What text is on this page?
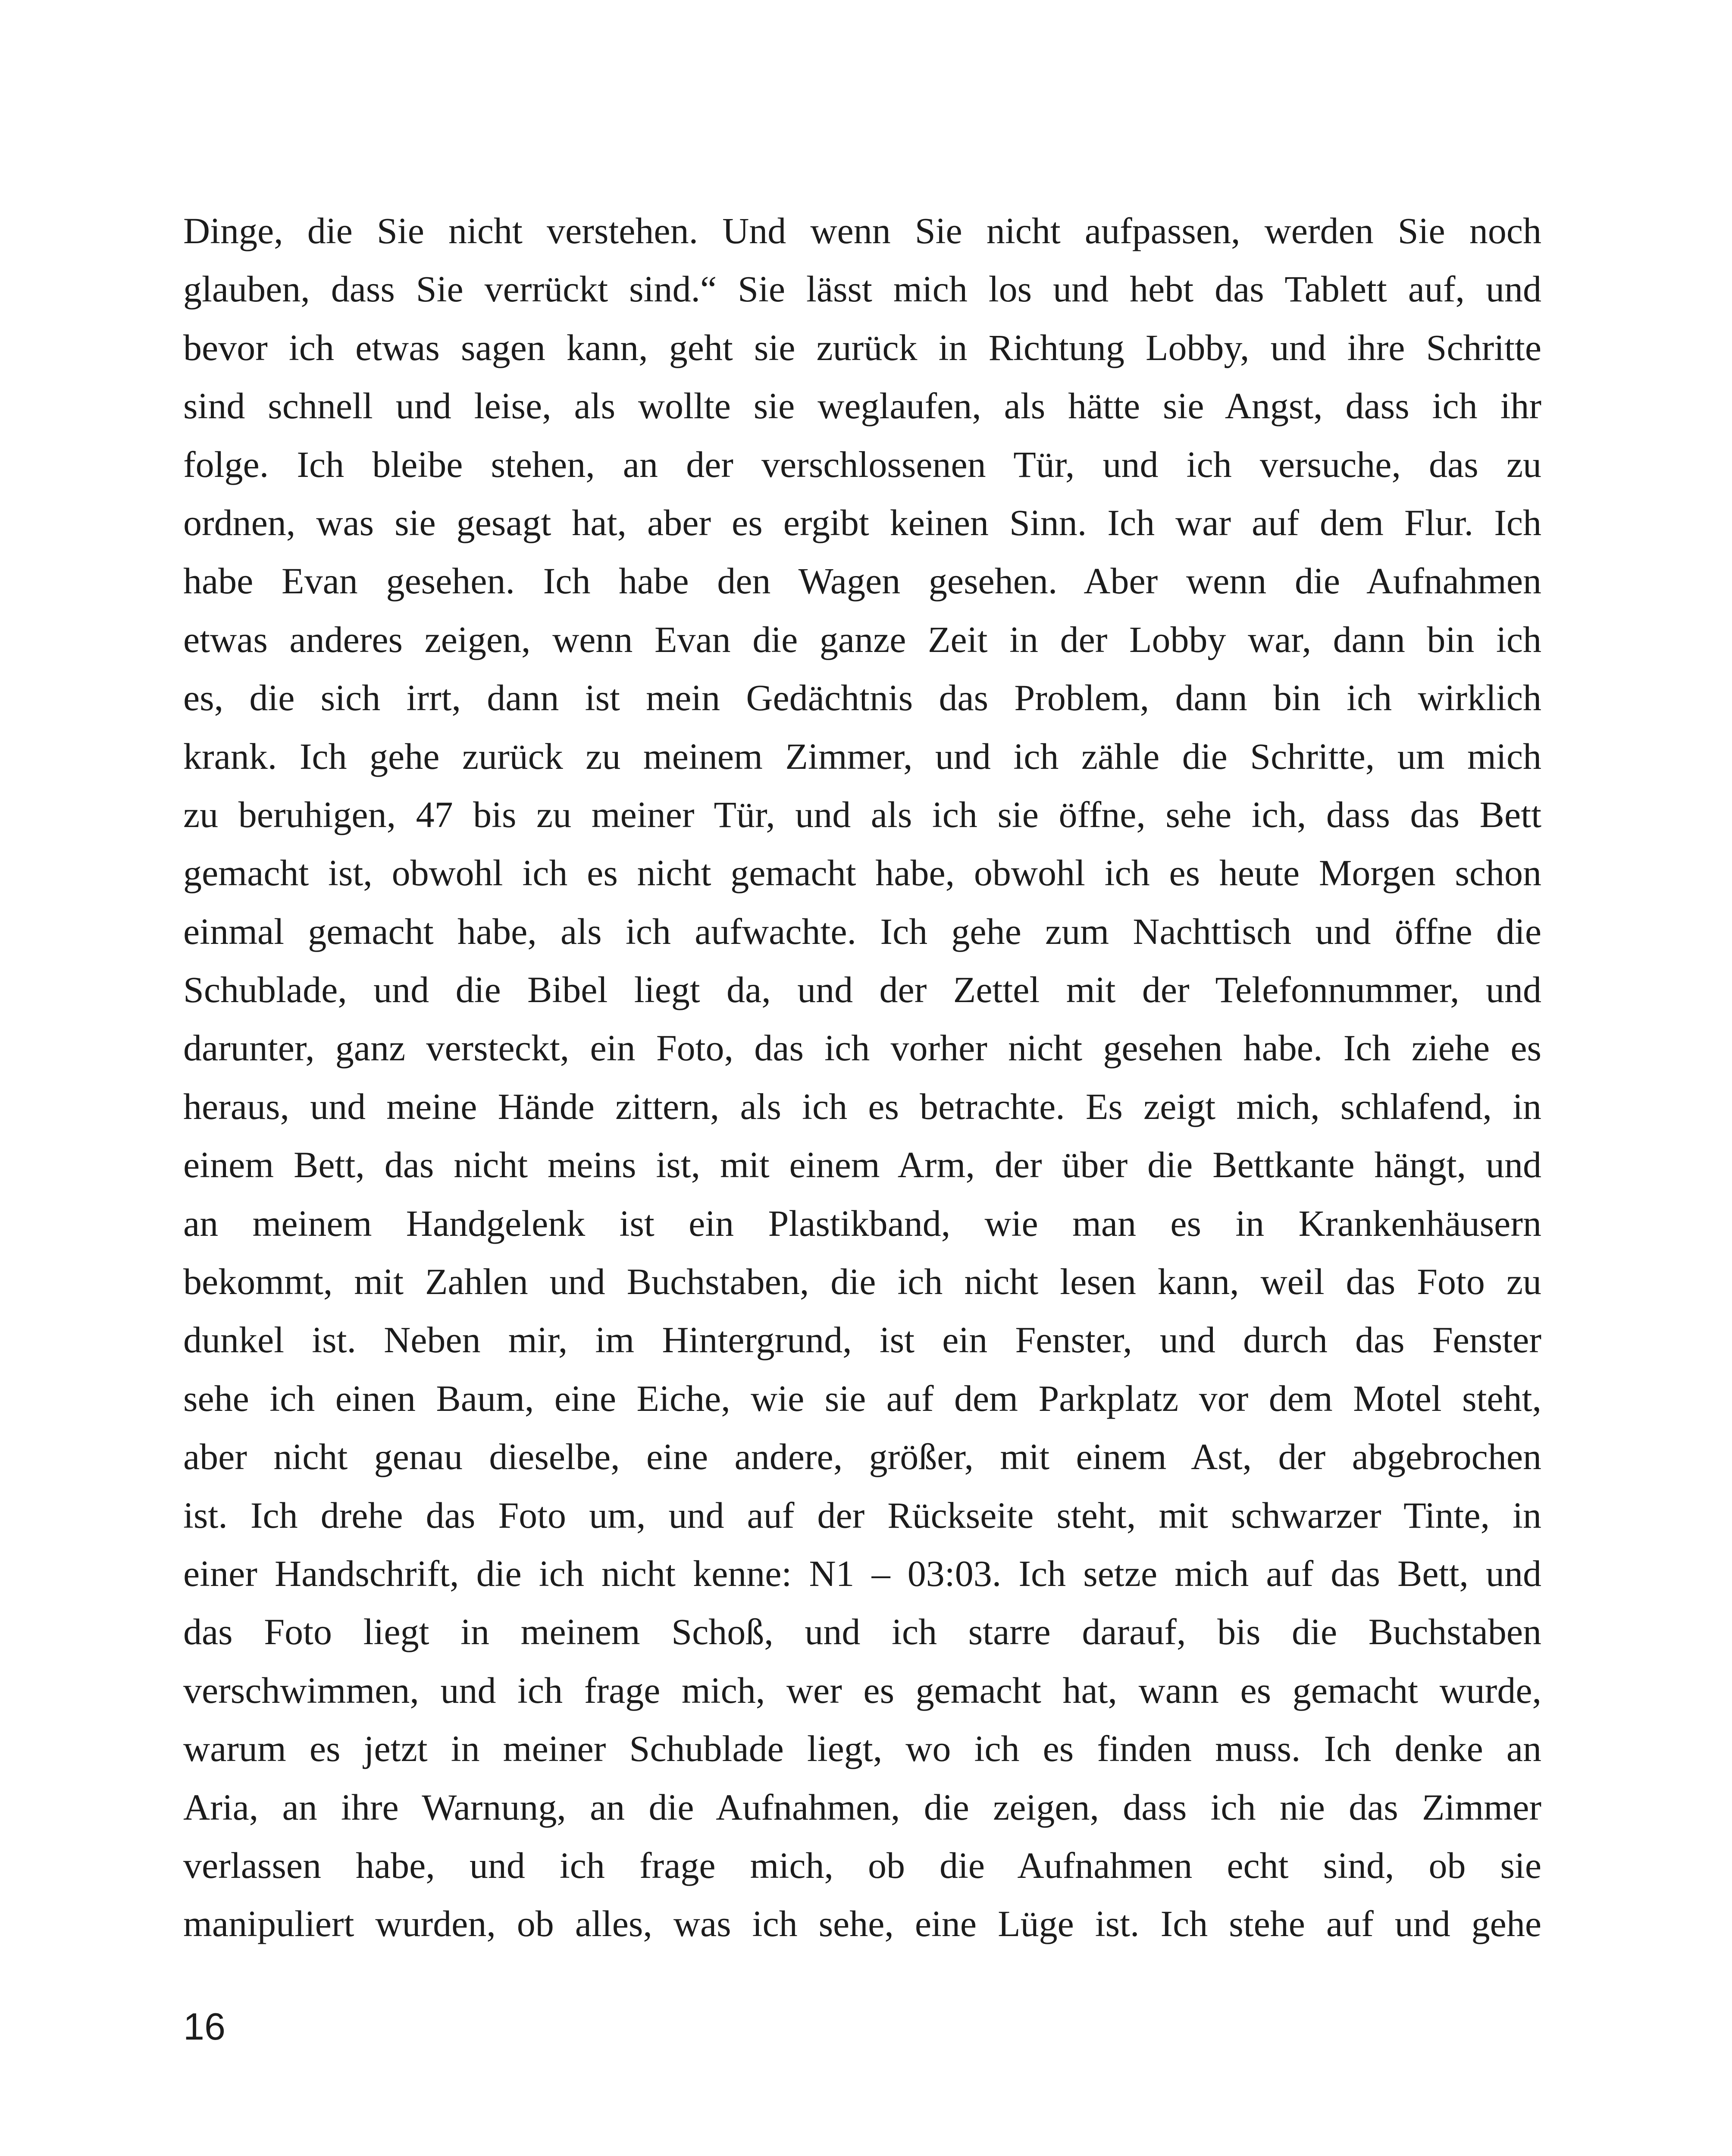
Dinge, die Sie nicht verstehen. Und wenn Sie nicht aufpassen, werden Sie noch
glauben, dass Sie verrückt sind.“ Sie lässt mich los und hebt das Tablett auf, und
bevor ich etwas sagen kann, geht sie zurück in Richtung Lobby, und ihre Schritte
sind schnell und leise, als wollte sie weglaufen, als hätte sie Angst, dass ich ihr
folge. Ich bleibe stehen, an der verschlossenen Tür, und ich versuche, das zu
ordnen, was sie gesagt hat, aber es ergibt keinen Sinn. Ich war auf dem Flur. Ich
habe Evan gesehen. Ich habe den Wagen gesehen. Aber wenn die Aufnahmen
etwas anderes zeigen, wenn Evan die ganze Zeit in der Lobby war, dann bin ich
es, die sich irrt, dann ist mein Gedächtnis das Problem, dann bin ich wirklich
krank. Ich gehe zurück zu meinem Zimmer, und ich zähle die Schritte, um mich
zu beruhigen, 47 bis zu meiner Tür, und als ich sie öffne, sehe ich, dass das Bett
gemacht ist, obwohl ich es nicht gemacht habe, obwohl ich es heute Morgen schon
einmal gemacht habe, als ich aufwachte. Ich gehe zum Nachttisch und öffne die
Schublade, und die Bibel liegt da, und der Zettel mit der Telefonnummer, und
darunter, ganz versteckt, ein Foto, das ich vorher nicht gesehen habe. Ich ziehe es
heraus, und meine Hände zittern, als ich es betrachte. Es zeigt mich, schlafend, in
einem Bett, das nicht meins ist, mit einem Arm, der über die Bettkante hängt, und
an meinem Handgelenk ist ein Plastikband, wie man es in Krankenhäusern
bekommt, mit Zahlen und Buchstaben, die ich nicht lesen kann, weil das Foto zu
dunkel ist. Neben mir, im Hintergrund, ist ein Fenster, und durch das Fenster
sehe ich einen Baum, eine Eiche, wie sie auf dem Parkplatz vor dem Motel steht,
aber nicht genau dieselbe, eine andere, größer, mit einem Ast, der abgebrochen
ist. Ich drehe das Foto um, und auf der Rückseite steht, mit schwarzer Tinte, in
einer Handschrift, die ich nicht kenne: N1 – 03:03. Ich setze mich auf das Bett, und
das Foto liegt in meinem Schoß, und ich starre darauf, bis die Buchstaben
verschwimmen, und ich frage mich, wer es gemacht hat, wann es gemacht wurde,
warum es jetzt in meiner Schublade liegt, wo ich es finden muss. Ich denke an
Aria, an ihre Warnung, an die Aufnahmen, die zeigen, dass ich nie das Zimmer
verlassen habe, und ich frage mich, ob die Aufnahmen echt sind, ob sie
manipuliert wurden, ob alles, was ich sehe, eine Lüge ist. Ich stehe auf und gehe
16
